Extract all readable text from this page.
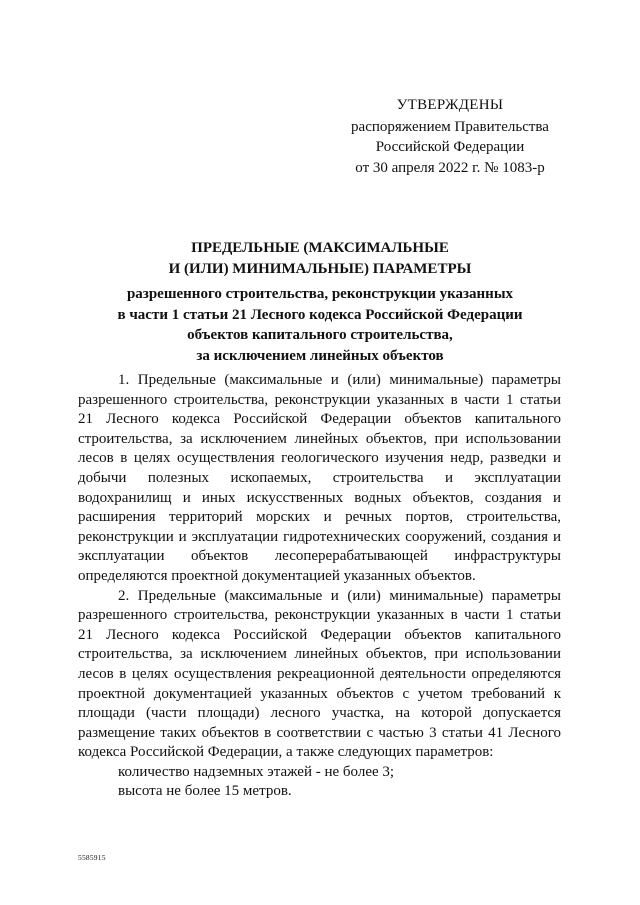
УТВЕРЖДЕНЫ
распоряжением Правительства
Российской Федерации
от 30 апреля 2022 г. № 1083-р
ПРЕДЕЛЬНЫЕ (МАКСИМАЛЬНЫЕ
И (ИЛИ) МИНИМАЛЬНЫЕ) ПАРАМЕТРЫ
разрешенного строительства, реконструкции указанных
в части 1 статьи 21 Лесного кодекса Российской Федерации
объектов капитального строительства,
за исключением линейных объектов

1. Предельные (максимальные и (или) минимальные) параметры разрешенного строительства, реконструкции указанных в части 1 статьи 21 Лесного кодекса Российской Федерации объектов капитального строительства, за исключением линейных объектов, при использовании лесов в целях осуществления геологического изучения недр, разведки и добычи полезных ископаемых, строительства и эксплуатации водохранилищ и иных искусственных водных объектов, создания и расширения территорий морских и речных портов, строительства, реконструкции и эксплуатации гидротехнических сооружений, создания и эксплуатации объектов лесоперерабатывающей инфраструктуры определяются проектной документацией указанных объектов.

2. Предельные (максимальные и (или) минимальные) параметры разрешенного строительства, реконструкции указанных в части 1 статьи 21 Лесного кодекса Российской Федерации объектов капитального строительства, за исключением линейных объектов, при использовании лесов в целях осуществления рекреационной деятельности определяются проектной документацией указанных объектов с учетом требований к площади (части площади) лесного участка, на которой допускается размещение таких объектов в соответствии с частью 3 статьи 41 Лесного кодекса Российской Федерации, а также следующих параметров:

количество надземных этажей - не более 3;

высота не более 15 метров.

5585915
